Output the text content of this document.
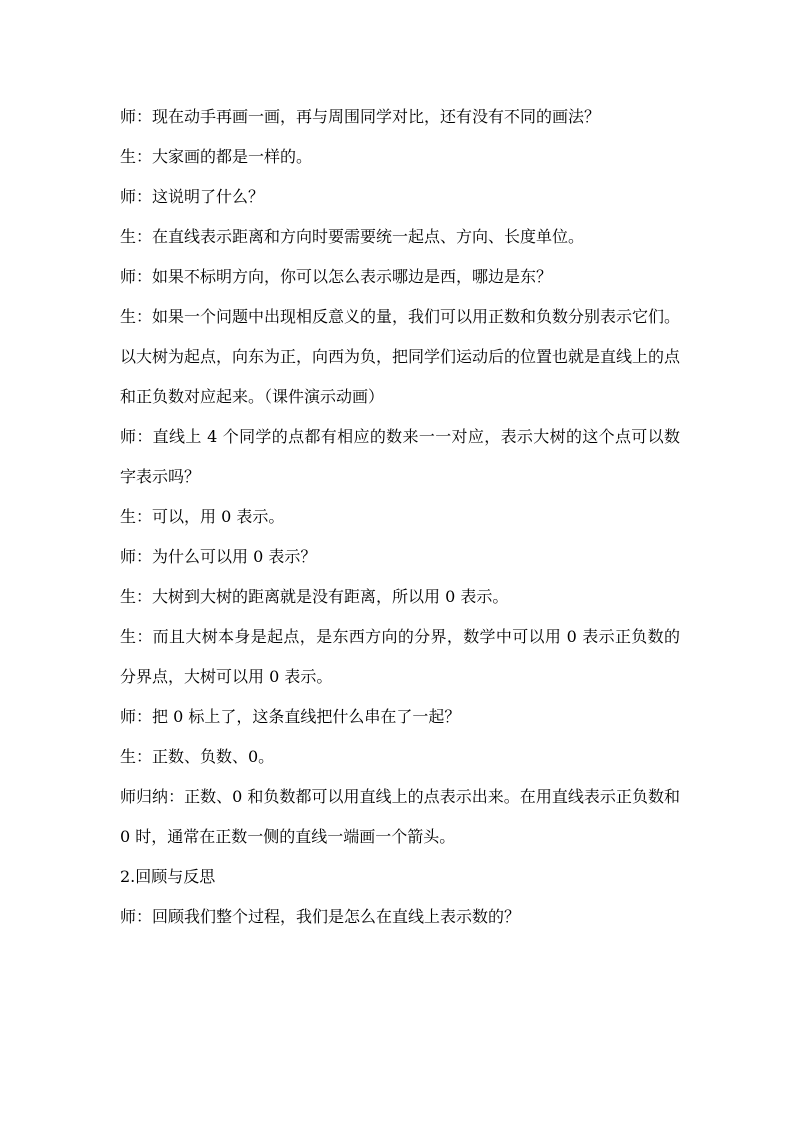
师：现在动手再画一画，再与周围同学对比，还有没有不同的画法？

生：大家画的都是一样的。

师：这说明了什么？

生：在直线表示距离和方向时要需要统一起点、方向、长度单位。

师：如果不标明方向，你可以怎么表示哪边是西，哪边是东？

生：如果一个问题中出现相反意义的量，我们可以用正数和负数分别表示它们。以大树为起点，向东为正，向西为负，把同学们运动后的位置也就是直线上的点和正负数对应起来。（课件演示动画）

师：直线上 4 个同学的点都有相应的数来一一对应，表示大树的这个点可以数字表示吗？

生：可以，用 0 表示。

师：为什么可以用 0 表示？

生：大树到大树的距离就是没有距离，所以用 0 表示。

生：而且大树本身是起点，是东西方向的分界，数学中可以用 0 表示正负数的分界点，大树可以用 0 表示。

师：把 0 标上了，这条直线把什么串在了一起？

生：正数、负数、0。

师归纳：正数、0 和负数都可以用直线上的点表示出来。在用直线表示正负数和 0 时，通常在正数一侧的直线一端画一个箭头。

2.回顾与反思

师：回顾我们整个过程，我们是怎么在直线上表示数的？
